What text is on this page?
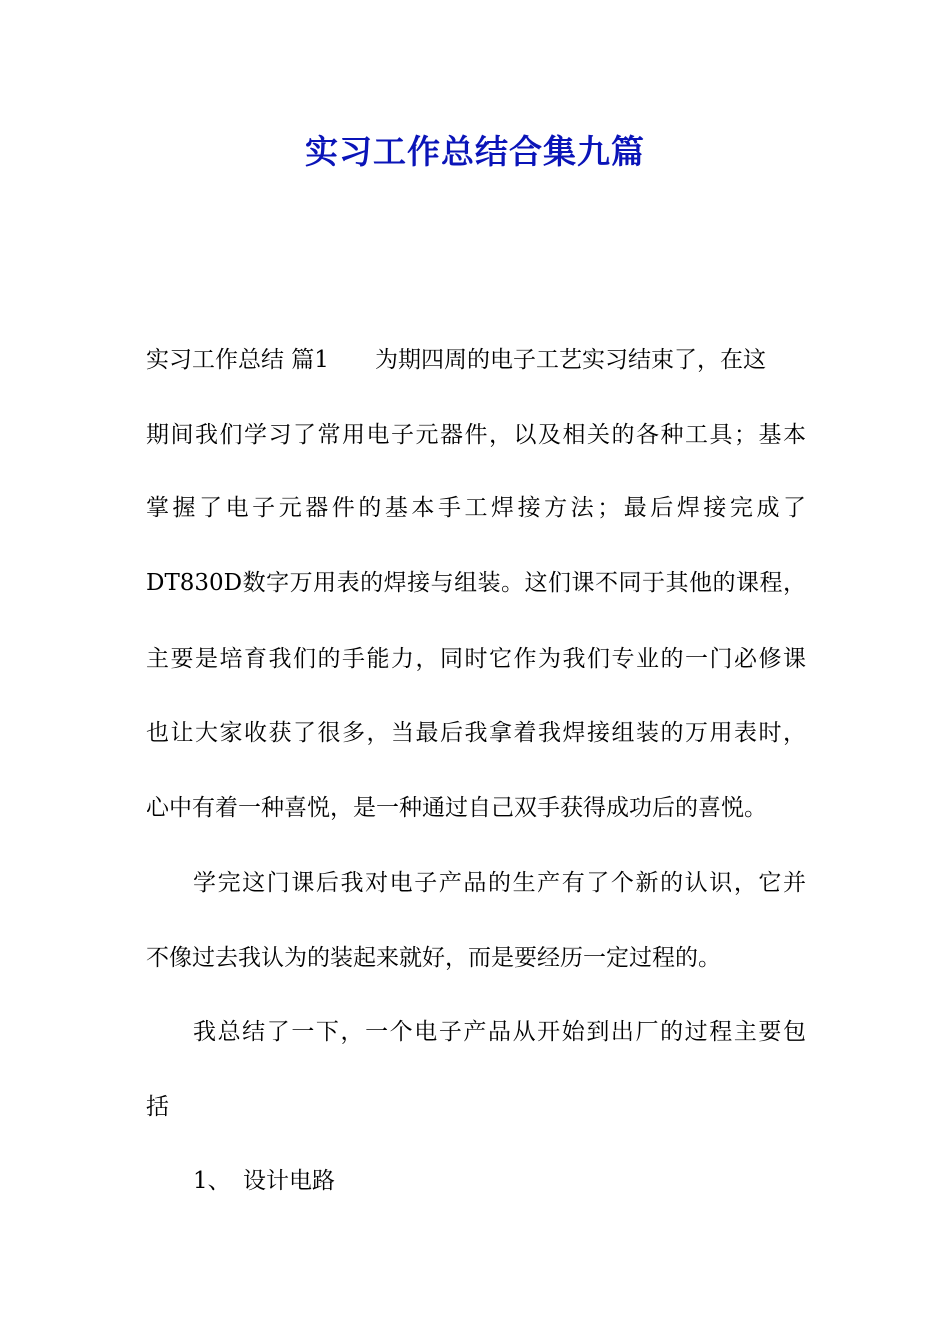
实习工作总结合集九篇
实习工作总结 篇1 为期四周的电子工艺实习结束了，在这
期间我们学习了常用电子元器件，以及相关的各种工具；基本
掌握了电子元器件的基本手工焊接方法；最后焊接完成了
DT830D数字万用表的焊接与组装。这们课不同于其他的课程，
主要是培育我们的手能力，同时它作为我们专业的一门必修课
也让大家收获了很多，当最后我拿着我焊接组装的万用表时，
心中有着一种喜悦，是一种通过自己双手获得成功后的喜悦。
学完这门课后我对电子产品的生产有了个新的认识，它并
不像过去我认为的装起来就好，而是要经历一定过程的。
我总结了一下，一个电子产品从开始到出厂的过程主要包
括
1、 设计电路
